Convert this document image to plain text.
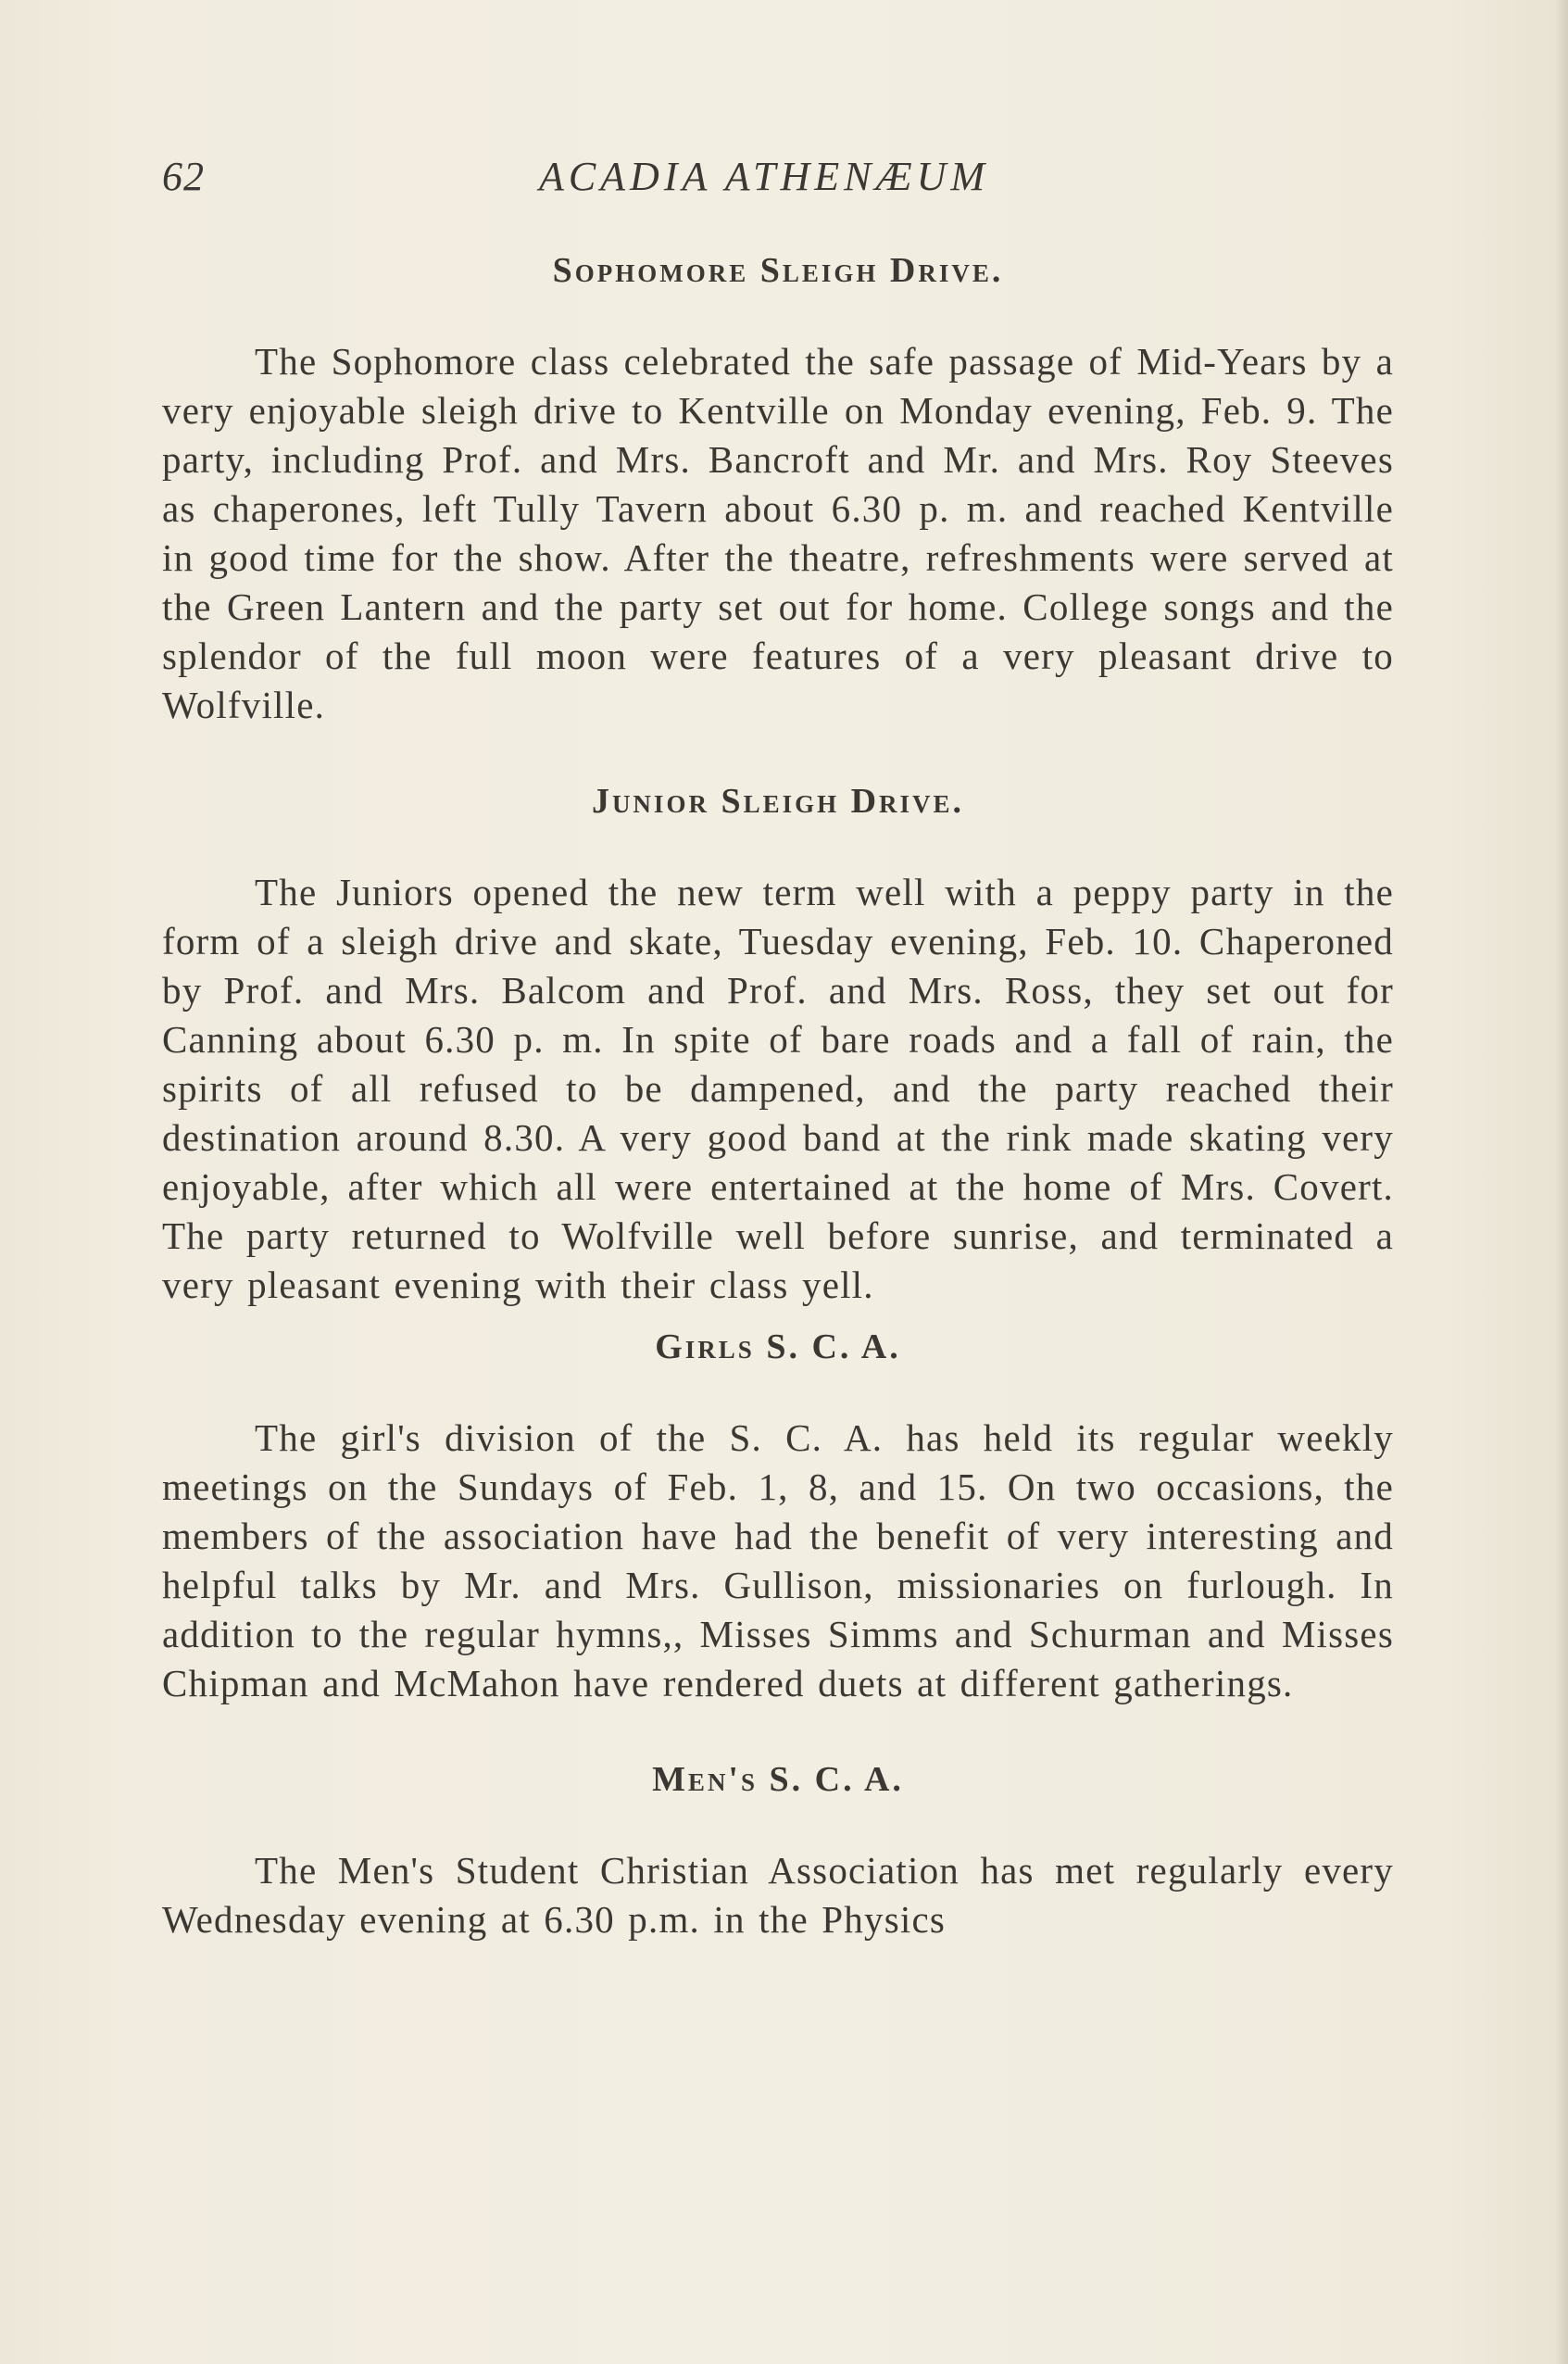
62	ACADIA ATHENÆUM
Sophomore Sleigh Drive.

The Sophomore class celebrated the safe passage of Mid-Years by a very enjoyable sleigh drive to Kentville on Monday evening, Feb. 9. The party, including Prof. and Mrs. Bancroft and Mr. and Mrs. Roy Steeves as chaperones, left Tully Tavern about 6.30 p. m. and reached Kentville in good time for the show. After the theatre, refreshments were served at the Green Lantern and the party set out for home. College songs and the splendor of the full moon were features of a very pleasant drive to Wolfville.

Junior Sleigh Drive.

The Juniors opened the new term well with a peppy party in the form of a sleigh drive and skate, Tuesday evening, Feb. 10. Chaperoned by Prof. and Mrs. Balcom and Prof. and Mrs. Ross, they set out for Canning about 6.30 p. m. In spite of bare roads and a fall of rain, the spirits of all refused to be dampened, and the party reached their destination around 8.30. A very good band at the rink made skating very enjoyable, after which all were entertained at the home of Mrs. Covert. The party returned to Wolfville well before sunrise, and terminated a very pleasant evening with their class yell.

Girls S. C. A.

The girl's division of the S. C. A. has held its regular weekly meetings on the Sundays of Feb. 1, 8, and 15. On two occasions, the members of the association have had the benefit of very interesting and helpful talks by Mr. and Mrs. Gullison, missionaries on furlough. In addition to the regular hymns,, Misses Simms and Schurman and Misses Chipman and McMahon have rendered duets at different gatherings.

Men's S. C. A.

The Men's Student Christian Association has met regularly every Wednesday evening at 6.30 p.m. in the Physics
